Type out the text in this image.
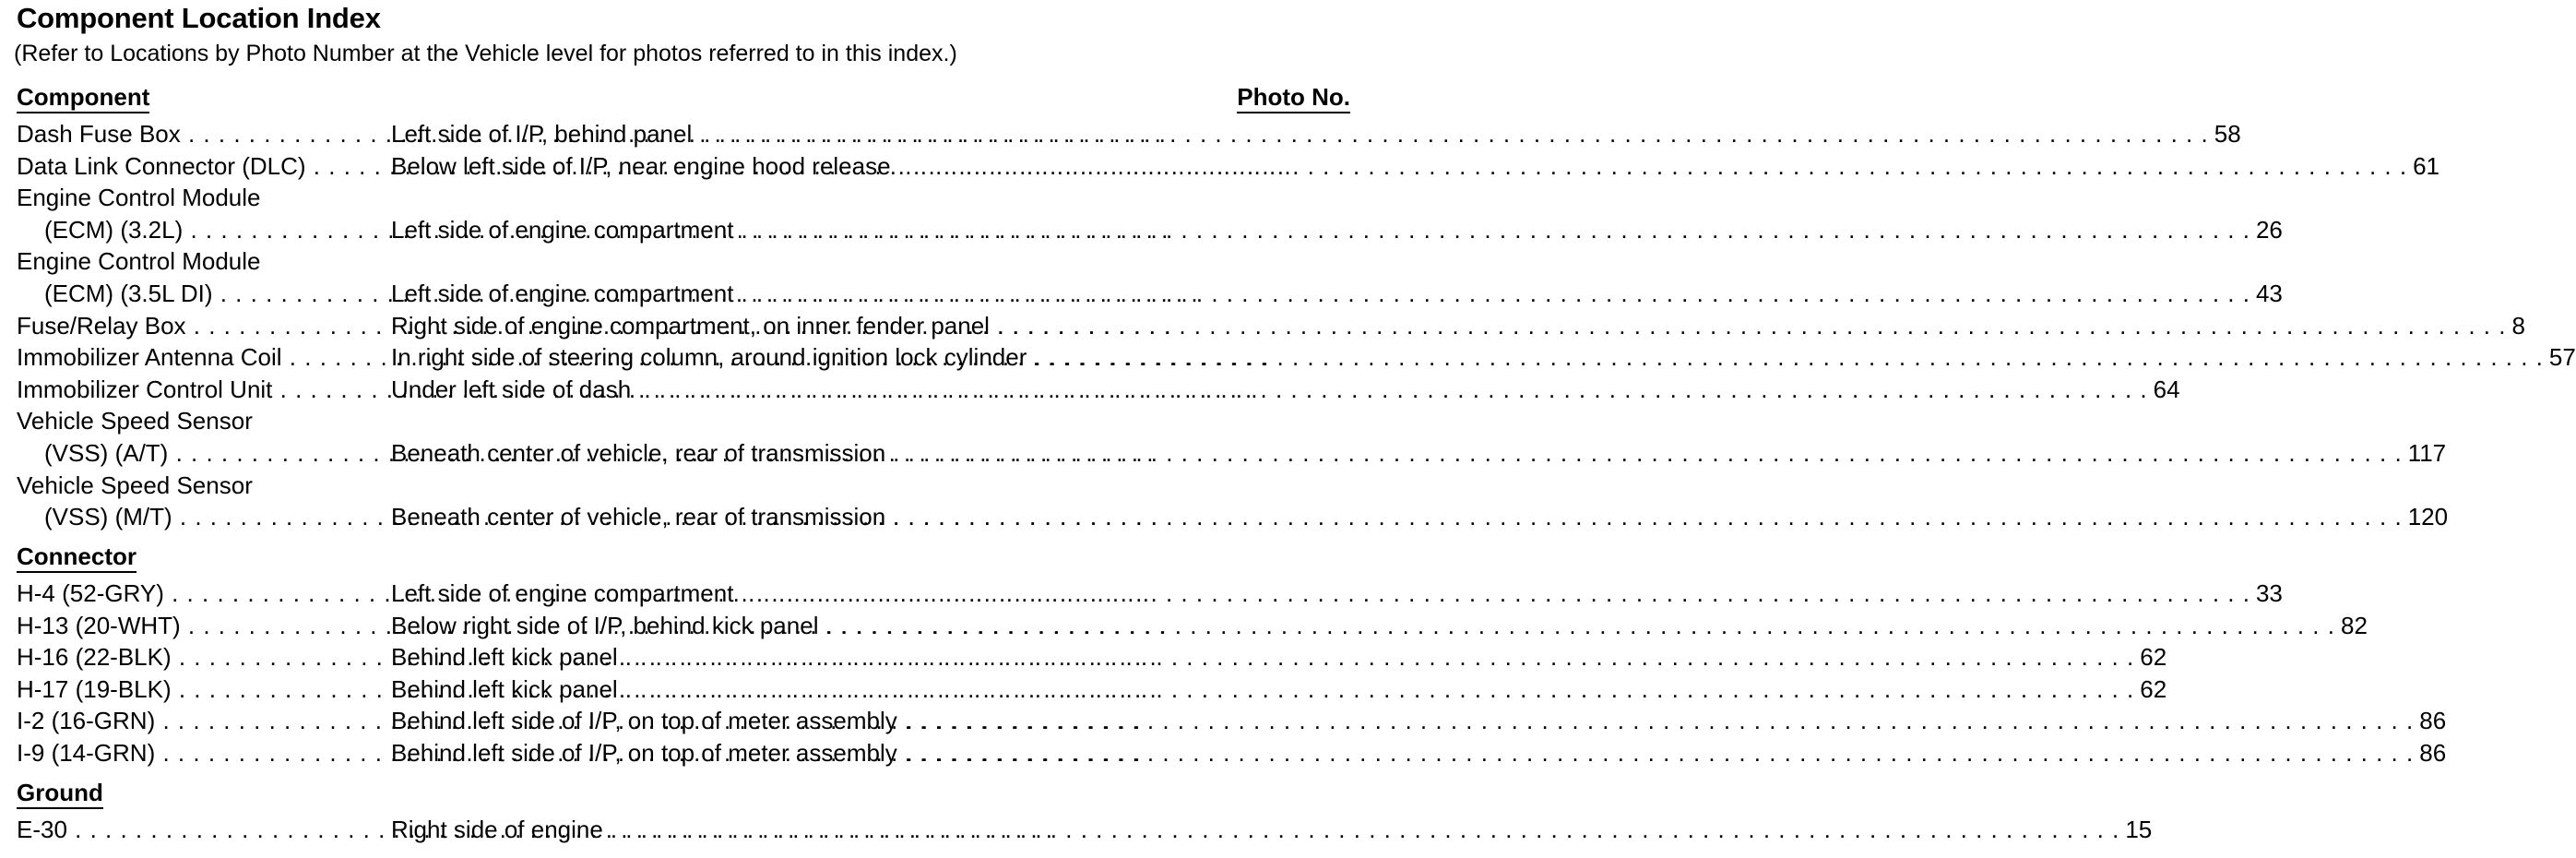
Component Location Index
(Refer to Locations by Photo Number at the Vehicle level for photos referred to in this index.)
Photo No.
Component
Dash Fuse Box . . .	Left side of I/P, behind panel . . . . . . . . . . . . . . . . . . . . . . . . . . . . . . . . . . . . . . . . . . . . . . . . . . . . . . . . . . . . . . . . . . . . . . . . . . . . . . . . . . . . . . . . . . . . . . . . . . . . 58
Data Link Connector (DLC) . . .	Below left side of I/P, near engine hood release . . . . . . . . . . . . . . . . . . . . . . . . . . . . . . . . . . . . . . . . . . . . . . . . . . . . . . . . . . . . . . . . . . . . . . . . . . . . . . . . . . . . . . . . . . . . . . . . . . . . 61
Engine Control Module
(ECM) (3.2L) . . .	Left side of engine compartment . . . . . . . . . . . . . . . . . . . . . . . . . . . . . . . . . . . . . . . . . . . . . . . . . . . . . . . . . . . . . . . . . . . . . . . . . . . . . . . . . . . . . . . . . . . . . . . . . . . . 26
Engine Control Module
(ECM) (3.5L DI) . . .	Left side of engine compartment . . . . . . . . . . . . . . . . . . . . . . . . . . . . . . . . . . . . . . . . . . . . . . . . . . . . . . . . . . . . . . . . . . . . . . . . . . . . . . . . . . . . . . . . . . . . . . . . . . . . 43
Fuse/Relay Box . . .	Right side of engine compartment, on inner fender panel . . . . . . . . . . . . . . . . . . . . . . . . . . . . . . . . . . . . . . . . . . . . . . . . . . . . . . . . . . . . . . . . . . . . . . . . . . . . . . . . . . . . . . . . . . . . . . . . . . . . 8
Immobilizer Antenna Coil . . .	In right side of steering column, around ignition lock cylinder . . . . . . . . . . . . . . . . . . . . . . . . . . . . . . . . . . . . . . . . . . . . . . . . . . . . . . . . . . . . . . . . . . . . . . . . . . . . . . . . . . . . . . . . . . . . . . . . . . . . 57
Immobilizer Control Unit . . .	Under left side of dash . . . . . . . . . . . . . . . . . . . . . . . . . . . . . . . . . . . . . . . . . . . . . . . . . . . . . . . . . . . . . . . . . . . . . . . . . . . . . . . . . . . . . . . . . . . . . . . . . . . . 64
Vehicle Speed Sensor
(VSS) (A/T) . . .	Beneath center of vehicle, rear of transmission . . . . . . . . . . . . . . . . . . . . . . . . . . . . . . . . . . . . . . . . . . . . . . . . . . . . . . . . . . . . . . . . . . . . . . . . . . . . . . . . . . . . . . . . . . . . . . . . . . . . 117
Vehicle Speed Sensor
(VSS) (M/T) . . .	Beneath center of vehicle, rear of transmission . . . . . . . . . . . . . . . . . . . . . . . . . . . . . . . . . . . . . . . . . . . . . . . . . . . . . . . . . . . . . . . . . . . . . . . . . . . . . . . . . . . . . . . . . . . . . . . . . . . . 120
Connector
H-4 (52-GRY) . . .	Left side of engine compartment . . . . . . . . . . . . . . . . . . . . . . . . . . . . . . . . . . . . . . . . . . . . . . . . . . . . . . . . . . . . . . . . . . . . . . . . . . . . . . . . . . . . . . . . . . . . . . . . . . . . 33
H-13 (20-WHT) . . .	Below right side of I/P, behind kick panel . . . . . . . . . . . . . . . . . . . . . . . . . . . . . . . . . . . . . . . . . . . . . . . . . . . . . . . . . . . . . . . . . . . . . . . . . . . . . . . . . . . . . . . . . . . . . . . . . . . . 82
H-16 (22-BLK) . . .	Behind left kick panel . . . . . . . . . . . . . . . . . . . . . . . . . . . . . . . . . . . . . . . . . . . . . . . . . . . . . . . . . . . . . . . . . . . . . . . . . . . . . . . . . . . . . . . . . . . . . . . . . . . . 62
H-17 (19-BLK) . . .	Behind left kick panel . . . . . . . . . . . . . . . . . . . . . . . . . . . . . . . . . . . . . . . . . . . . . . . . . . . . . . . . . . . . . . . . . . . . . . . . . . . . . . . . . . . . . . . . . . . . . . . . . . . . 62
I-2 (16-GRN) . . .	Behind left side of I/P, on top of meter assembly . . . . . . . . . . . . . . . . . . . . . . . . . . . . . . . . . . . . . . . . . . . . . . . . . . . . . . . . . . . . . . . . . . . . . . . . . . . . . . . . . . . . . . . . . . . . . . . . . . . . 86
I-9 (14-GRN) . . .	Behind left side of I/P, on top of meter assembly . . . . . . . . . . . . . . . . . . . . . . . . . . . . . . . . . . . . . . . . . . . . . . . . . . . . . . . . . . . . . . . . . . . . . . . . . . . . . . . . . . . . . . . . . . . . . . . . . . . . 86
Ground
E-30 . . .	Right side of engine . . . . . . . . . . . . . . . . . . . . . . . . . . . . . . . . . . . . . . . . . . . . . . . . . . . . . . . . . . . . . . . . . . . . . . . . . . . . . . . . . . . . . . . . . . . . . . . . . . . . 15
